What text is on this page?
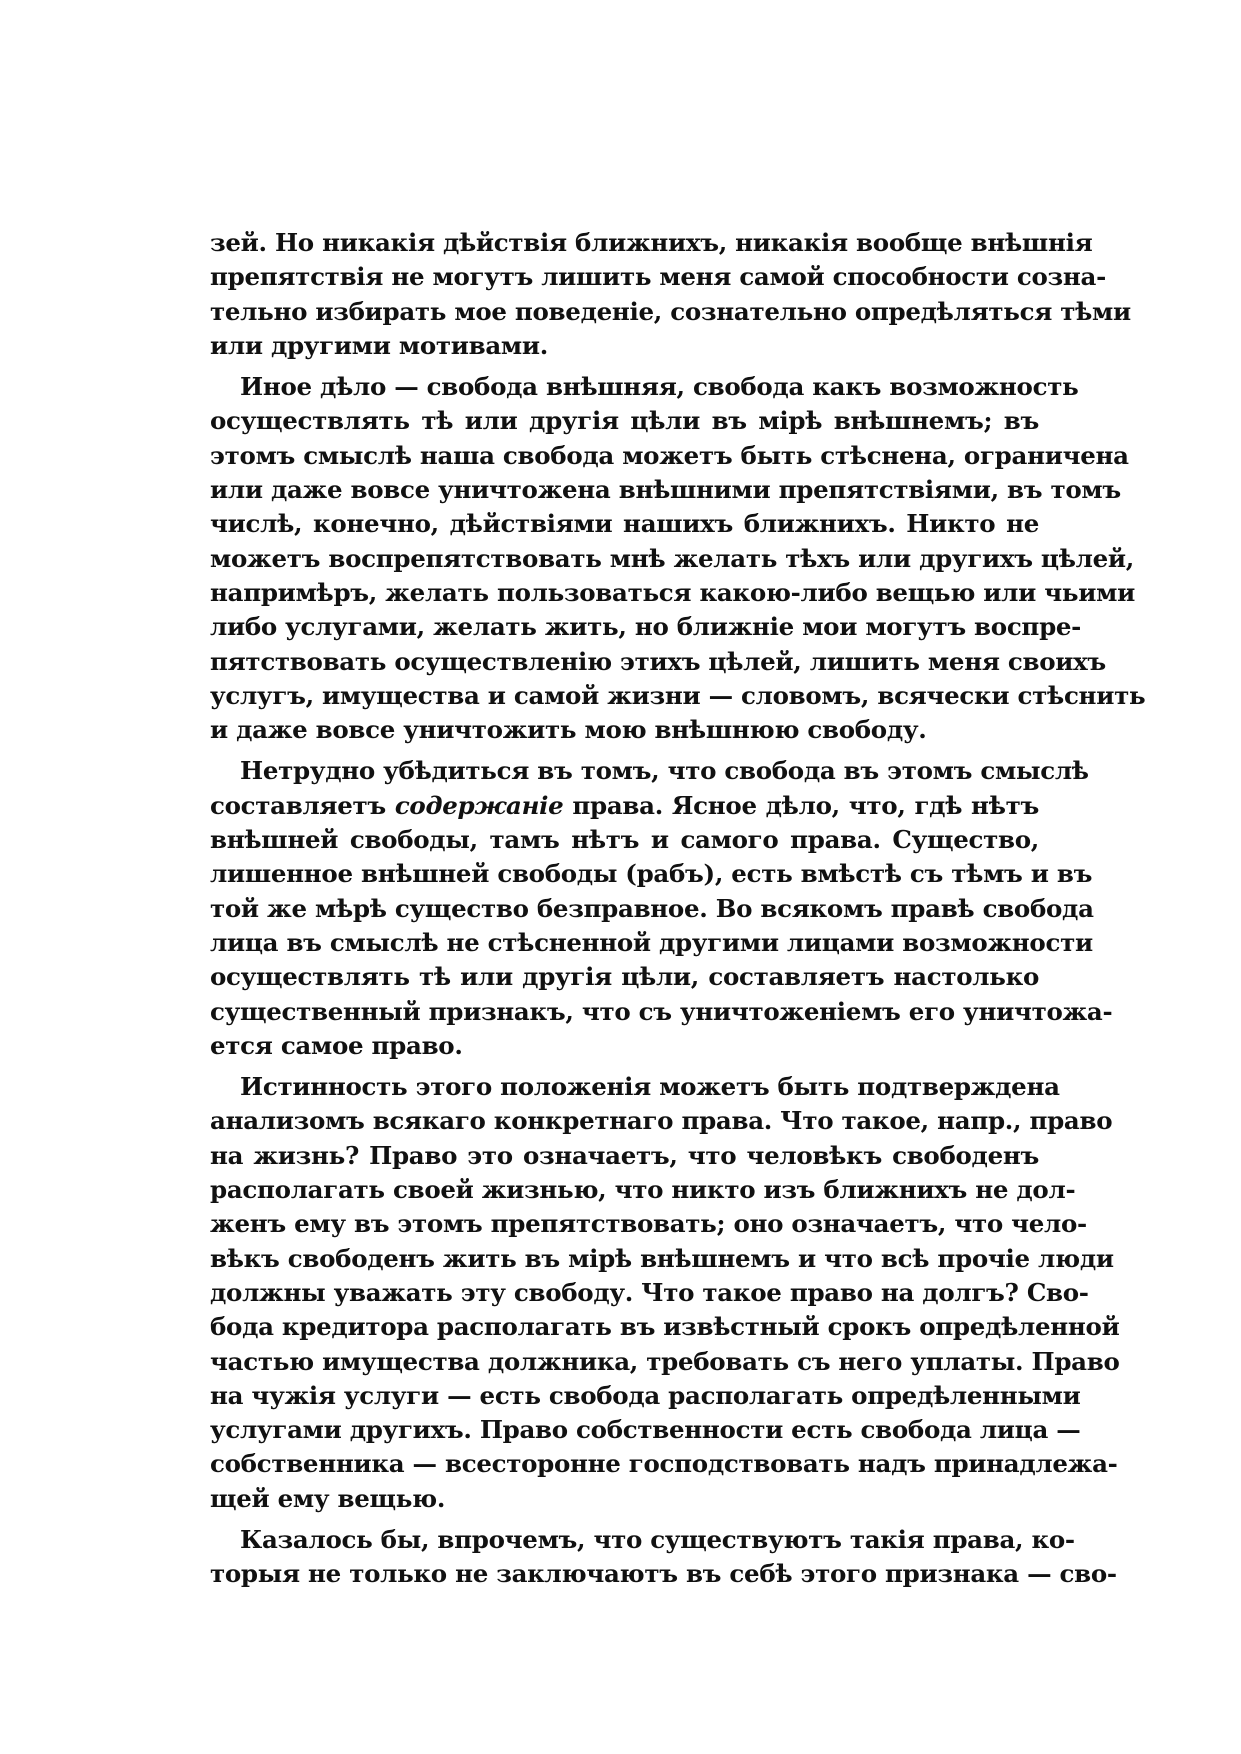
зей. Но никакія дѣйствія ближнихъ, никакія вообще внѣшнія
препятствія не могутъ лишить меня самой способности созна-
тельно избирать мое поведеніе, сознательно опредѣляться тѣми
или другими мотивами.
Иное дѣло — свобода внѣшняя, свобода какъ возможность
осуществлять тѣ или другія цѣли въ мірѣ внѣшнемъ; въ
этомъ смыслѣ наша свобода можетъ быть стѣснена, ограничена
или даже вовсе уничтожена внѣшними препятствіями, въ томъ
числѣ, конечно, дѣйствіями нашихъ ближнихъ. Никто не
можетъ воспрепятствовать мнѣ желать тѣхъ или другихъ цѣлей,
напримѣръ, желать пользоваться какою-либо вещью или чьими
либо услугами, желать жить, но ближніе мои могутъ воспре-
пятствовать осуществленію этихъ цѣлей, лишить меня своихъ
услугъ, имущества и самой жизни — словомъ, всячески стѣснить
и даже вовсе уничтожить мою внѣшнюю свободу.
Нетрудно убѣдиться въ томъ, что свобода въ этомъ смыслѣ
составляетъ содержаніе права. Ясное дѣло, что, гдѣ нѣтъ
внѣшней свободы, тамъ нѣтъ и самого права. Существо,
лишенное внѣшней свободы (рабъ), есть вмѣстѣ съ тѣмъ и въ
той же мѣрѣ существо безправное. Во всякомъ правѣ свобода
лица въ смыслѣ не стѣсненной другими лицами возможности
осуществлять тѣ или другія цѣли, составляетъ настолько
существенный признакъ, что съ уничтоженіемъ его уничтожа-
ется самое право.
Истинность этого положенія можетъ быть подтверждена
анализомъ всякаго конкретнаго права. Что такое, напр., право
на жизнь? Право это означаетъ, что человѣкъ свободенъ
располагать своей жизнью, что никто изъ ближнихъ не дол-
женъ ему въ этомъ препятствовать; оно означаетъ, что чело-
вѣкъ свободенъ жить въ мірѣ внѣшнемъ и что всѣ прочіе люди
должны уважать эту свободу. Что такое право на долгъ? Сво-
бода кредитора располагать въ извѣстный срокъ опредѣленной
частью имущества должника, требовать съ него уплаты. Право
на чужія услуги — есть свобода располагать опредѣленными
услугами другихъ. Право собственности есть свобода лица —
собственника — всесторонне господствовать надъ принадлежа-
щей ему вещью.
Казалось бы, впрочемъ, что существуютъ такія права, ко-
торыя не только не заключаютъ въ себѣ этого признака — сво-
